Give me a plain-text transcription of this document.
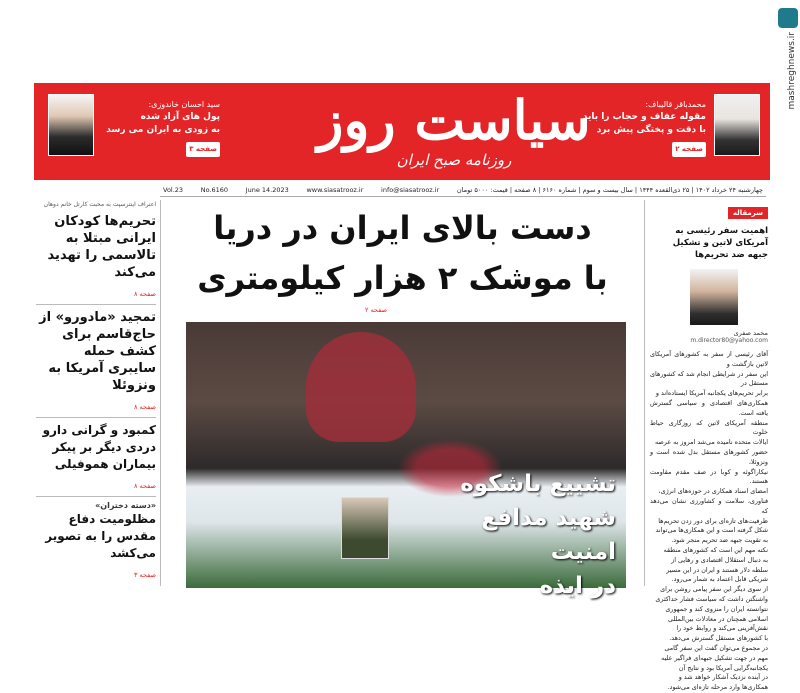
mashreghnews.ir
سیاست روز
روزنامه صبح ایران
محمدباقر قالیباف:
مقوله عفاف و حجاب را باید
با دقت و پختگی پیش برد
صفحه ۲
سید احسان خاندوزی:
پول های آزاد شده
به زودی به ایران می رسد
صفحه ۳
چهارشنبه ۲۴ خرداد ۱۴۰۲ | ۲۵ ذی‌القعده ۱۴۴۴ | سال بیست و سوم | شماره ۶۱۶۰ | ۸ صفحه | قیمت: ۵۰۰۰ تومان
info@siasatrooz.ir
www.siasatrooz.ir
June 14.2023
No.6160
Vol.23
اعتراف اینترسپت به محبت کارتل خانم دوهان
تحریم‌ها کودکان ایرانی مبتلا به تالاسمی را تهدید می‌کند
صفحه ۸
تمجید «مادورو» از حاج‌قاسم برای کشف حمله سایبری آمریکا به ونزوئلا
صفحه ۸
کمبود و گرانی دارو دردی دیگر بر پیکر بیماران هموفیلی
صفحه ۸
«دسته دختران»
مظلومیت دفاع مقدس را به تصویر می‌کشد
صفحه ۳
دست بالای ایران در دریا
با موشک ۲ هزار کیلومتری
صفحه ۲
تشییع باشکوه
شهید مدافع امنیت
در ایذه
سرمقاله
اهمیت سفر رئیسی به آمریکای لاتین و تشکیل جبهه ضد تحریم‌ها
محمد صفری
m.director80@yahoo.com
آقای رئیسی از سفر به کشورهای آمریکای لاتین بازگشت و
این سفر در شرایطی انجام شد که کشورهای مستقل در
برابر تحریم‌های یکجانبه آمریکا ایستاده‌اند و
همکاری‌های اقتصادی و سیاسی گسترش یافته است.
منطقه آمریکای لاتین که روزگاری حیاط خلوت
ایالات متحده نامیده می‌شد امروز به عرصه
حضور کشورهای مستقل بدل شده است و ونزوئلا،
نیکاراگوئه و کوبا در صف مقدم مقاومت هستند.
امضای اسناد همکاری در حوزه‌های انرژی،
فناوری، سلامت و کشاورزی نشان می‌دهد که
ظرفیت‌های تازه‌ای برای دور زدن تحریم‌ها
شکل گرفته است و این همکاری‌ها می‌تواند
به تقویت جبهه ضد تحریم منجر شود.
نکته مهم این است که کشورهای منطقه
به دنبال استقلال اقتصادی و رهایی از
سلطه دلار هستند و ایران در این مسیر
شریکی قابل اعتماد به شمار می‌رود.
از سوی دیگر این سفر پیامی روشن برای
واشنگتن داشت که سیاست فشار حداکثری
نتوانسته ایران را منزوی کند و جمهوری
اسلامی همچنان در معادلات بین‌المللی
نقش‌آفرینی می‌کند و روابط خود را
با کشورهای مستقل گسترش می‌دهد.
در مجموع می‌توان گفت این سفر گامی
مهم در جهت تشکیل جبهه‌ای فراگیر علیه
یکجانبه‌گرایی آمریکا بود و نتایج آن
در آینده نزدیک آشکار خواهد شد و
همکاری‌ها وارد مرحله تازه‌ای می‌شود.
